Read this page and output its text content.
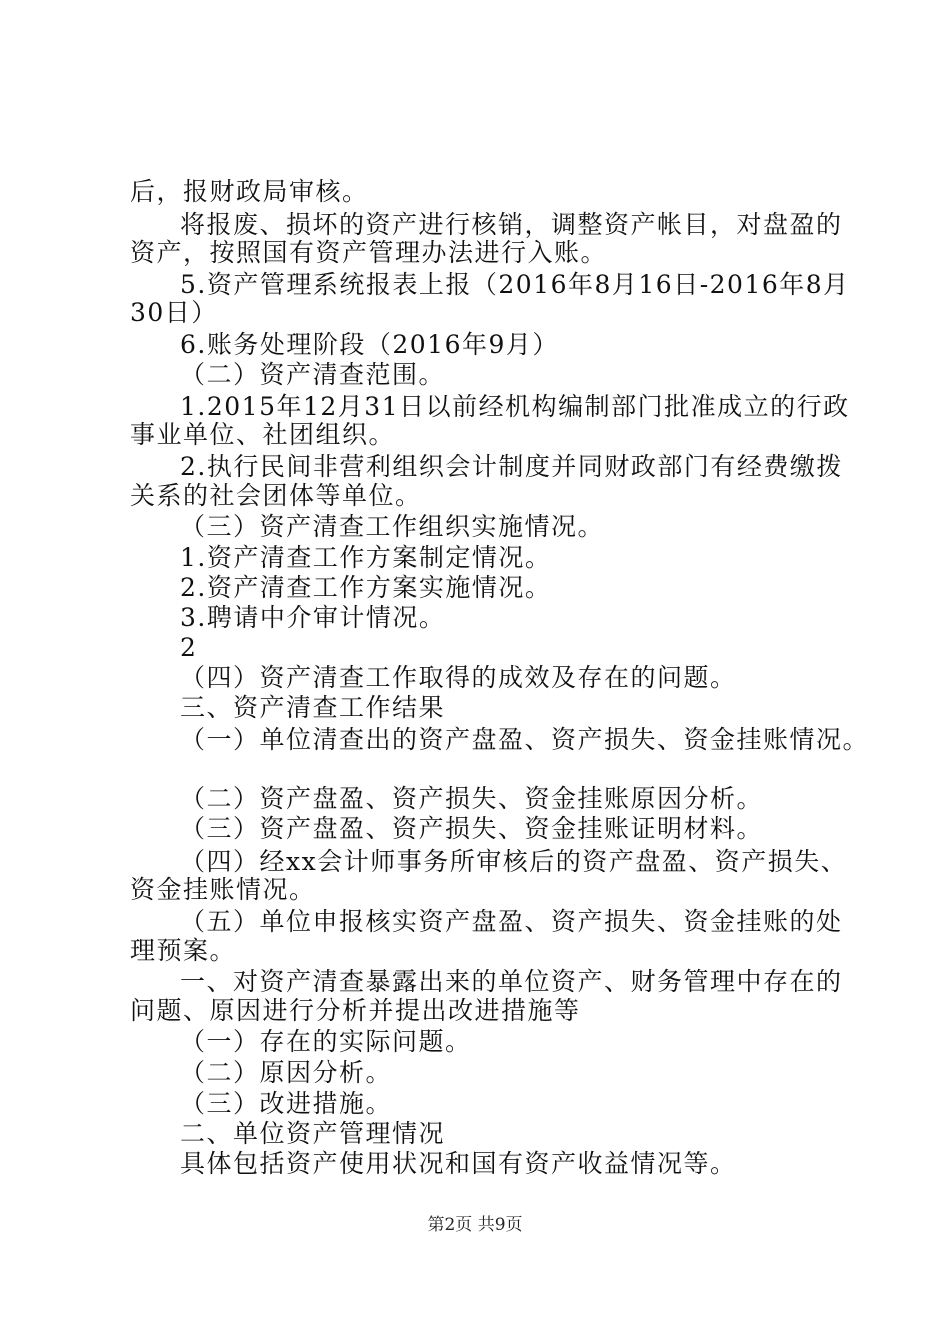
后，报财政局审核。
将报废、损坏的资产进行核销，调整资产帐目，对盘盈的
资产，按照国有资产管理办法进行入账。
5.资产管理系统报表上报（2016年8月16日-2016年8月
30日）
6.账务处理阶段（2016年9月）
（二）资产清查范围。
1.2015年12月31日以前经机构编制部门批准成立的行政
事业单位、社团组织。
2.执行民间非营利组织会计制度并同财政部门有经费缴拨
关系的社会团体等单位。
（三）资产清查工作组织实施情况。
1.资产清查工作方案制定情况。
2.资产清查工作方案实施情况。
3.聘请中介审计情况。
2
（四）资产清查工作取得的成效及存在的问题。
三、资产清查工作结果
（一）单位清查出的资产盘盈、资产损失、资金挂账情况。
（二）资产盘盈、资产损失、资金挂账原因分析。
（三）资产盘盈、资产损失、资金挂账证明材料。
（四）经xx会计师事务所审核后的资产盘盈、资产损失、
资金挂账情况。
（五）单位申报核实资产盘盈、资产损失、资金挂账的处
理预案。
一、对资产清查暴露出来的单位资产、财务管理中存在的
问题、原因进行分析并提出改进措施等
（一）存在的实际问题。
（二）原因分析。
（三）改进措施。
二、单位资产管理情况
具体包括资产使用状况和国有资产收益情况等。
第2页 共9页
